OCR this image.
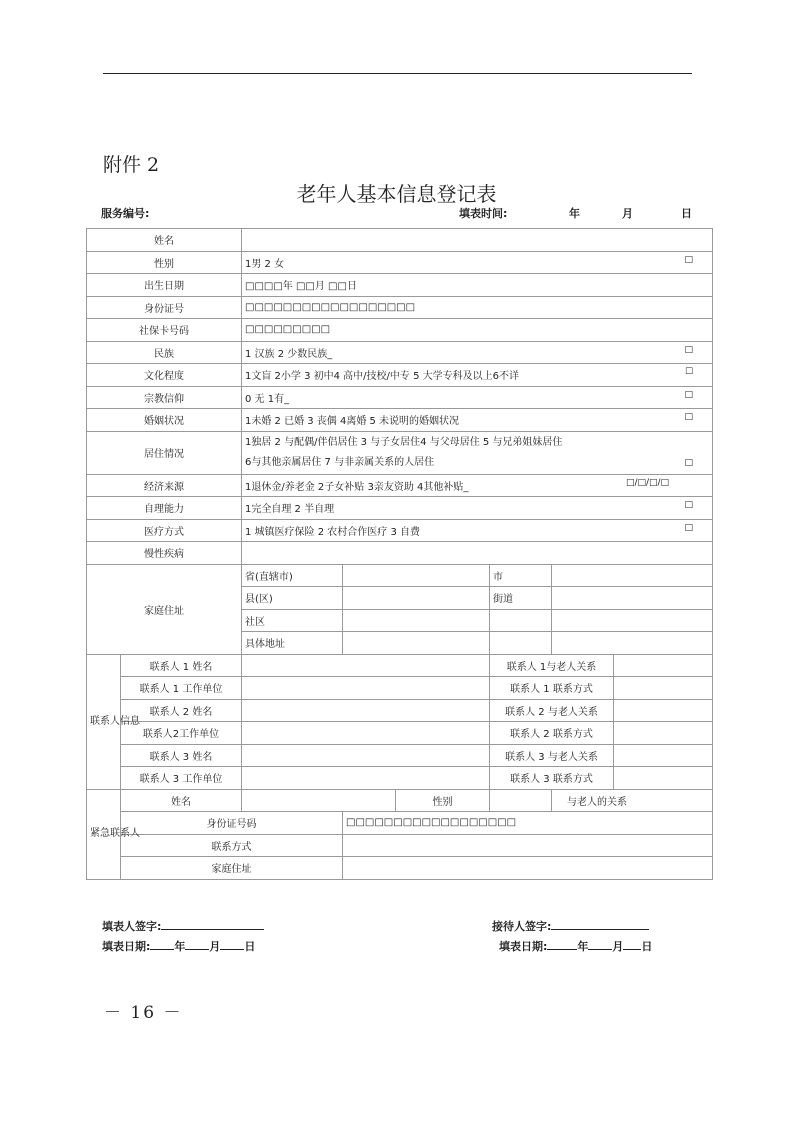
附件 2
老年人基本信息登记表
服务编号:	填表时间:	年	月	日
姓名							
性别		1男 2 女 □					

出生日期		□□□□年 □□月 □□日					
身份证号		□□□□□□□□□□□□□□□□□□					
社保卡号码		□□□□□□□□□					
民族		1 汉族 2 少数民族_ □					

文化程度		1文盲 2小学 3 初中4 高中/技校/中专 5 大学专科及以上6不详 ☐					

宗教信仰		0 无 1有_ □					

婚姻状况		1未婚 2 已婚 3 丧偶 4离婚 5 未说明的婚姻状况 □					

居住情况		1独居 2 与配偶/伴侣居住 3 与子女居住4 与父母居住 5 与兄弟姐妹居住
6与其他亲属居住 7 与非亲属关系的人居住 □					

经济来源		1退休金/养老金 2子女补贴 3亲友资助 4其他补贴_ □/□/□/□					

自理能力		1完全自理 2 半自理 □					

医疗方式		1 城镇医疗保险 2 农村合作医疗 3 自费 □					

慢性疾病							
家庭住址		省(直辖市)			市		
		县(区)			街道		
		社区					
		具体地址					
联系人信息	联系人 1 姓名				联系人 1与老人关系		
	联系人 1 工作单位				联系人 1 联系方式		
	联系人 2 姓名				联系人 2 与老人关系		
	联系人2工作单位				联系人 2 联系方式		
	联系人 3 姓名				联系人 3 与老人关系		
	联系人 3 工作单位				联系人 3 联系方式		
紧急联系人	姓名			性别		与老人的关系	
	身份证号码		□□□□□□□□□□□□□□□□□□				
	联系方式						
	家庭住址						
填表人签字:	接待人签字:
填表日期: 年 月 日	填表日期:	年 月 日
－ 16 －
